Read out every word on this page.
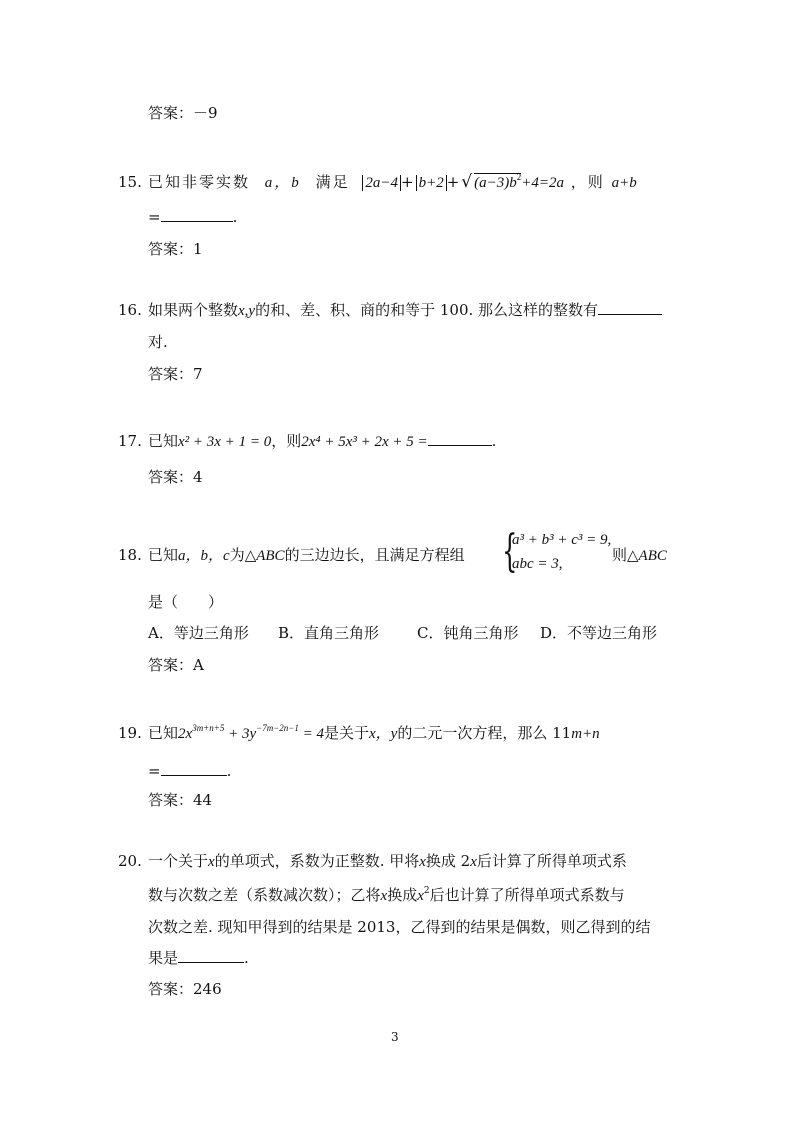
答案：－9
15. 已知非零实数 a，b 满足 $2a-4 + b+2 +√(a-3)b^2+4=2a$ ，则 a+b
=	.
答案：1
16. 如果两个整数x,y的和、差、积、商的和等于 100. 那么这样的整数有
对.
答案：7
17. 已知x² + 3x + 1 = 0，则2x⁴ + 5x³ + 2x + 5 =	.
答案：4
18. 已知a，b，c为△ABC的三边边长，且满足方程组 {
a³ + b³ + c³ = 9,
abc = 3,	则△ABC
是（　　）
A．等边三角形 B．直角三角形	C．钝角三角形 D．不等边三角形
答案：A
19. 已知$2x^{3m+n+5} + 3y^{-7m-2n-1} = 4$是关于x，y的二元一次方程，那么 11m+n
=	.
答案：44
20. 一个关于x的单项式，系数为正整数. 甲将x换成 2x后计算了所得单项式系
数与次数之差（系数减次数）；乙将x换成$x^2$后也计算了所得单项式系数与
次数之差. 现知甲得到的结果是 2013，乙得到的结果是偶数，则乙得到的结
果是	.
答案：246
3
